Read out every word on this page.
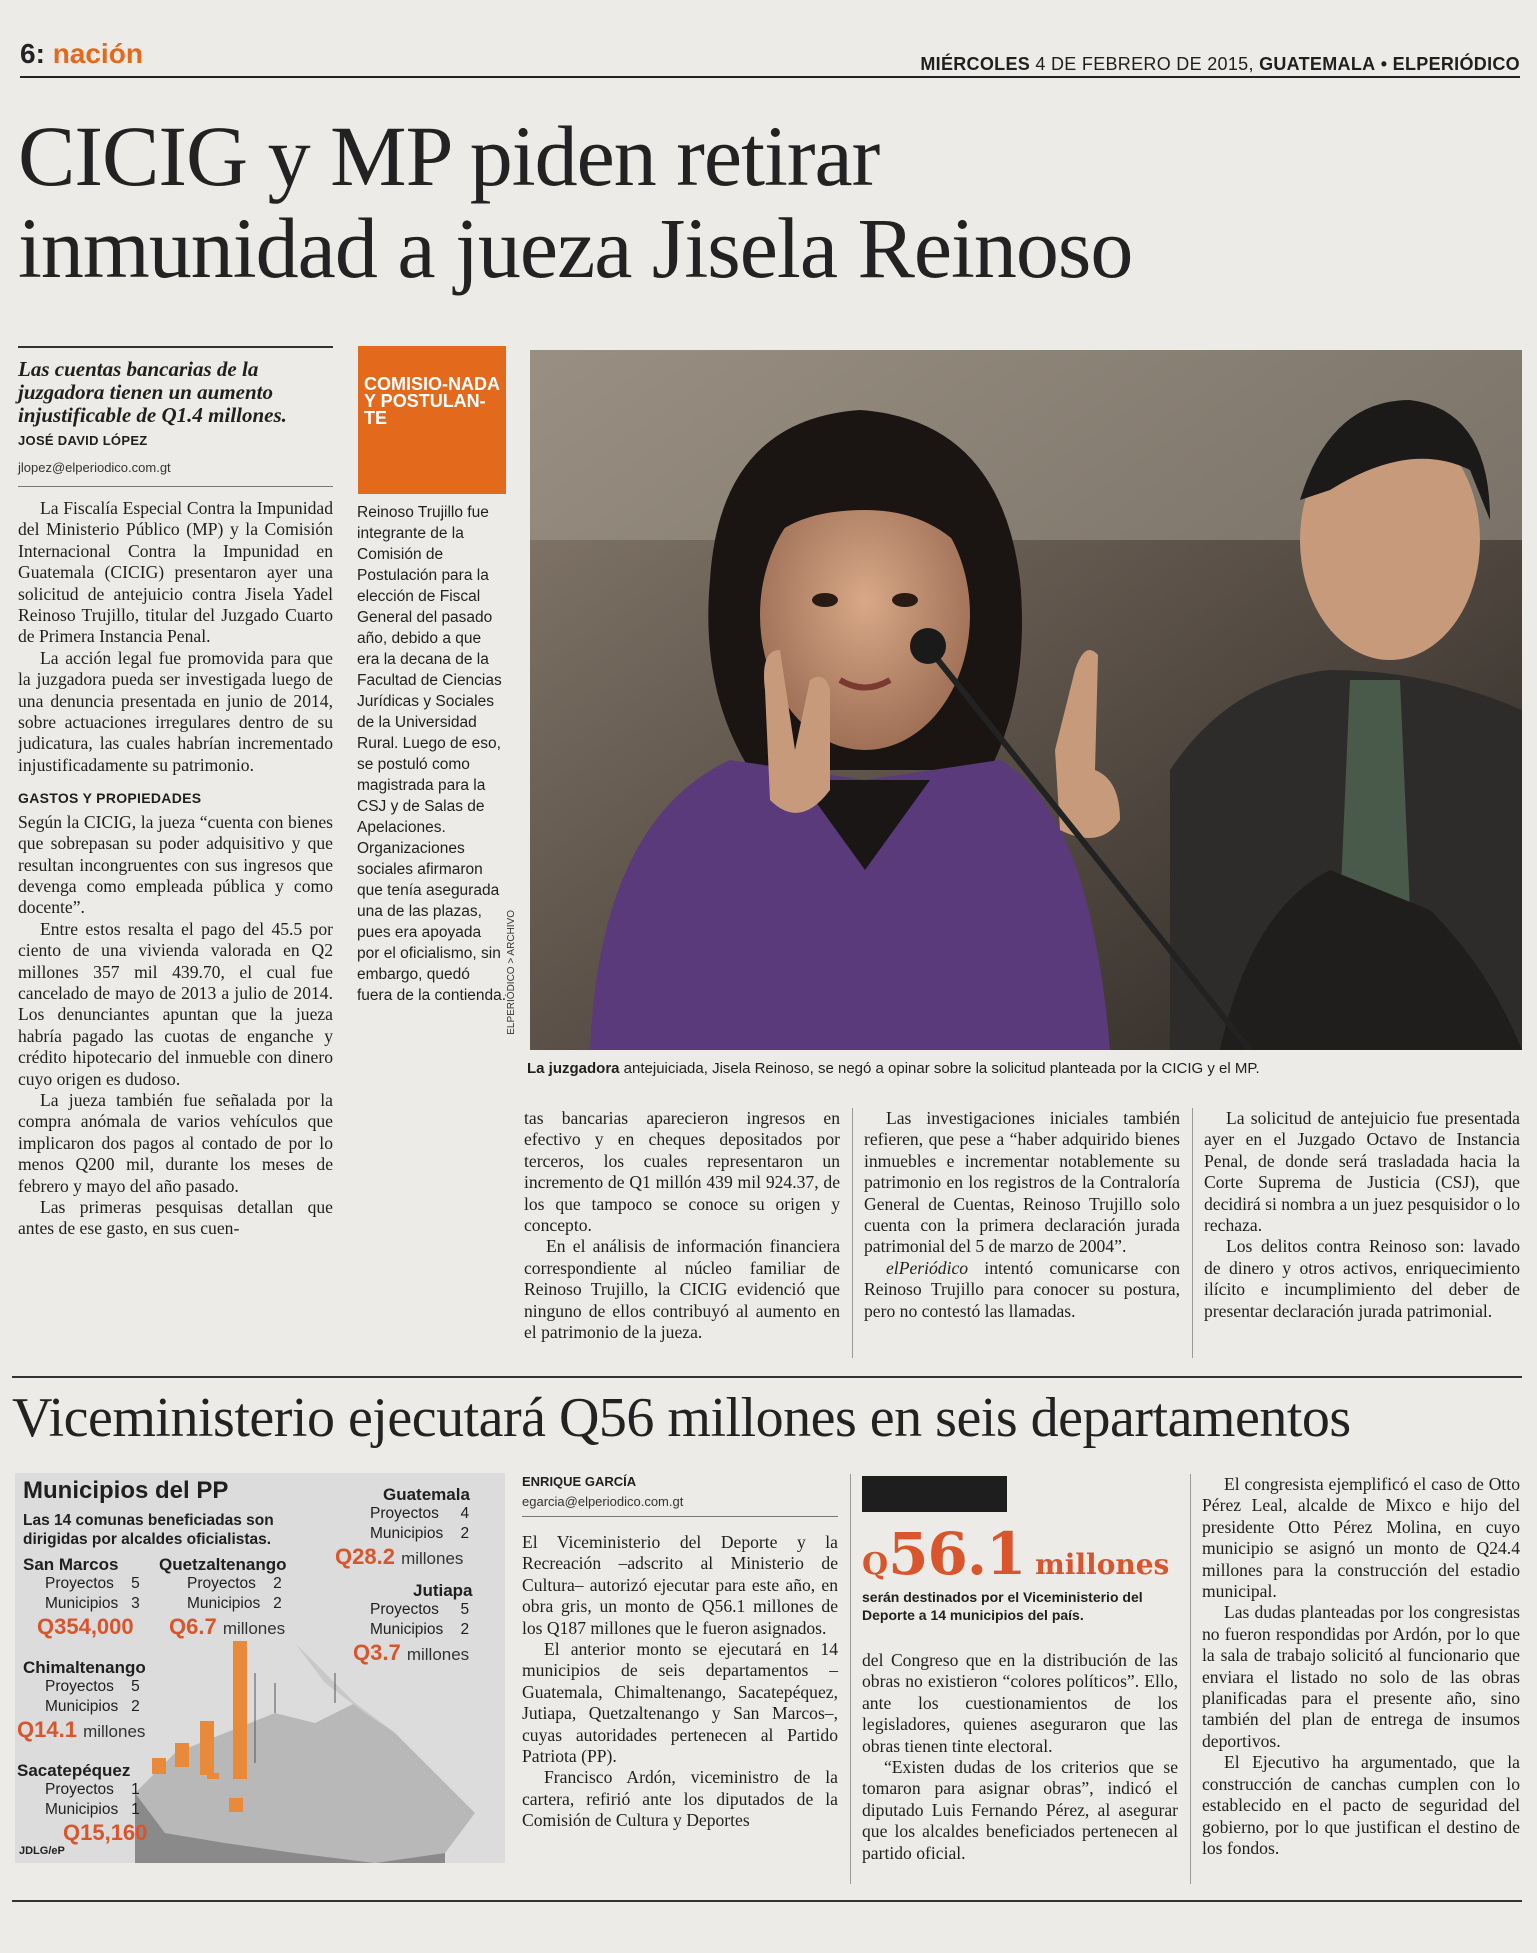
6: nación	MIÉRCOLES 4 DE FEBRERO DE 2015, GUATEMALA • ELPERIÓDICO
CICIG y MP piden retirar
inmunidad a jueza Jisela Reinoso
Las cuentas bancarias de la juzgadora tienen un aumento injustificable de Q1.4 millones.
JOSÉ DAVID LÓPEZ
jlopez@elperiodico.com.gt

La Fiscalía Especial Contra la Impunidad del Ministerio Público (MP) y la Comisión Internacional Contra la Impunidad en Guatemala (CICIG) presentaron ayer una solicitud de antejuicio contra Jisela Yadel Reinoso Trujillo, titular del Juzgado Cuarto de Primera Instancia Penal.

La acción legal fue promovida para que la juzgadora pueda ser investigada luego de una denuncia presentada en junio de 2014, sobre actuaciones irregulares dentro de su judicatura, las cuales habrían incrementado injustificadamente su patrimonio.

GASTOS Y PROPIEDADES

Según la CICIG, la jueza “cuenta con bienes que sobrepasan su poder adquisitivo y que resultan incongruentes con sus ingresos que devenga como empleada pública y como docente”.

Entre estos resalta el pago del 45.5 por ciento de una vivienda valorada en Q2 millones 357 mil 439.70, el cual fue cancelado de mayo de 2013 a julio de 2014. Los denunciantes apuntan que la jueza habría pagado las cuotas de enganche y crédito hipotecario del inmueble con dinero cuyo origen es dudoso.

La jueza también fue señalada por la compra anómala de varios vehículos que implicaron dos pagos al contado de por lo menos Q200 mil, durante los meses de febrero y mayo del año pasado.

Las primeras pesquisas detallan que antes de ese gasto, en sus cuen-

COMISIO-NADA Y POSTULAN-TE
Reinoso Trujillo fue integrante de la Comisión de Postulación para la elección de Fiscal General del pasado año, debido a que era la decana de la Facultad de Ciencias Jurídicas y Sociales de la Universidad Rural. Luego de eso, se postuló como magistrada para la CSJ y de Salas de Apelaciones. Organizaciones sociales afirmaron que tenía asegurada una de las plazas, pues era apoyada por el oficialismo, sin embargo, quedó fuera de la contienda. ELPERIÓDICO > ARCHIVO
La juzgadora antejuiciada, Jisela Reinoso, se negó a opinar sobre la solicitud planteada por la CICIG y el MP.

tas bancarias aparecieron ingresos en efectivo y en cheques depositados por terceros, los cuales representaron un incremento de Q1 millón 439 mil 924.37, de los que tampoco se conoce su origen y concepto.

En el análisis de información financiera correspondiente al núcleo familiar de Reinoso Trujillo, la CICIG evidenció que ninguno de ellos contribuyó al aumento en el patrimonio de la jueza.

Las investigaciones iniciales también refieren, que pese a “haber adquirido bienes inmuebles e incrementar notablemente su patrimonio en los registros de la Contraloría General de Cuentas, Reinoso Trujillo solo cuenta con la primera declaración jurada patrimonial del 5 de marzo de 2004”.

elPeriódico intentó comunicarse con Reinoso Trujillo para conocer su postura, pero no contestó las llamadas.

La solicitud de antejuicio fue presentada ayer en el Juzgado Octavo de Instancia Penal, de donde será trasladada hacia la Corte Suprema de Justicia (CSJ), que decidirá si nombra a un juez pesquisidor o lo rechaza.

Los delitos contra Reinoso son: lavado de dinero y otros activos, enriquecimiento ilícito e incumplimiento del deber de presentar declaración jurada patrimonial.

Viceministerio ejecutará Q56 millones en seis departamentos
Municipios del PP
Las 14 comunas beneficiadas son dirigidas por alcaldes oficialistas.
San Marcos
Proyectos 5
Municipios 3
Q354,000
Quetzaltenango
Proyectos 2
Municipios 2
Q6.7 millones
Guatemala
Proyectos 4
Municipios 2
Q28.2 millones
Jutiapa
Proyectos 5
Municipios 2
Q3.7 millones
Chimaltenango
Proyectos 5
Municipios 2
Q14.1 millones
Sacatepéquez
Proyectos 1
Municipios 1
Q15,160
JDLG/eP
ENRIQUE GARCÍA
egarcia@elperiodico.com.gt

El Viceministerio del Deporte y la Recreación –adscrito al Ministerio de Cultura– autorizó ejecutar para este año, en obra gris, un monto de Q56.1 millones de los Q187 millones que le fueron asignados.

El anterior monto se ejecutará en 14 municipios de seis departamentos –Guatemala, Chimaltenango, Sacatepéquez, Jutiapa, Quetzaltenango y San Marcos–, cuyas autoridades pertenecen al Partido Patriota (PP).

Francisco Ardón, viceministro de la cartera, refirió ante los diputados de la Comisión de Cultura y Deportes

Q56.1 millones
serán destinados por el Viceministerio del Deporte a 14 municipios del país.

del Congreso que en la distribución de las obras no existieron “colores políticos”. Ello, ante los cuestionamientos de los legisladores, quienes aseguraron que las obras tienen tinte electoral.

“Existen dudas de los criterios que se tomaron para asignar obras”, indicó el diputado Luis Fernando Pérez, al asegurar que los alcaldes beneficiados pertenecen al partido oficial.

El congresista ejemplificó el caso de Otto Pérez Leal, alcalde de Mixco e hijo del presidente Otto Pérez Molina, en cuyo municipio se asignó un monto de Q24.4 millones para la construcción del estadio municipal.

Las dudas planteadas por los congresistas no fueron respondidas por Ardón, por lo que la sala de trabajo solicitó al funcionario que enviara el listado no solo de las obras planificadas para el presente año, sino también del plan de entrega de insumos deportivos.

El Ejecutivo ha argumentado, que la construcción de canchas cumplen con lo establecido en el pacto de seguridad del gobierno, por lo que justifican el destino de los fondos.
